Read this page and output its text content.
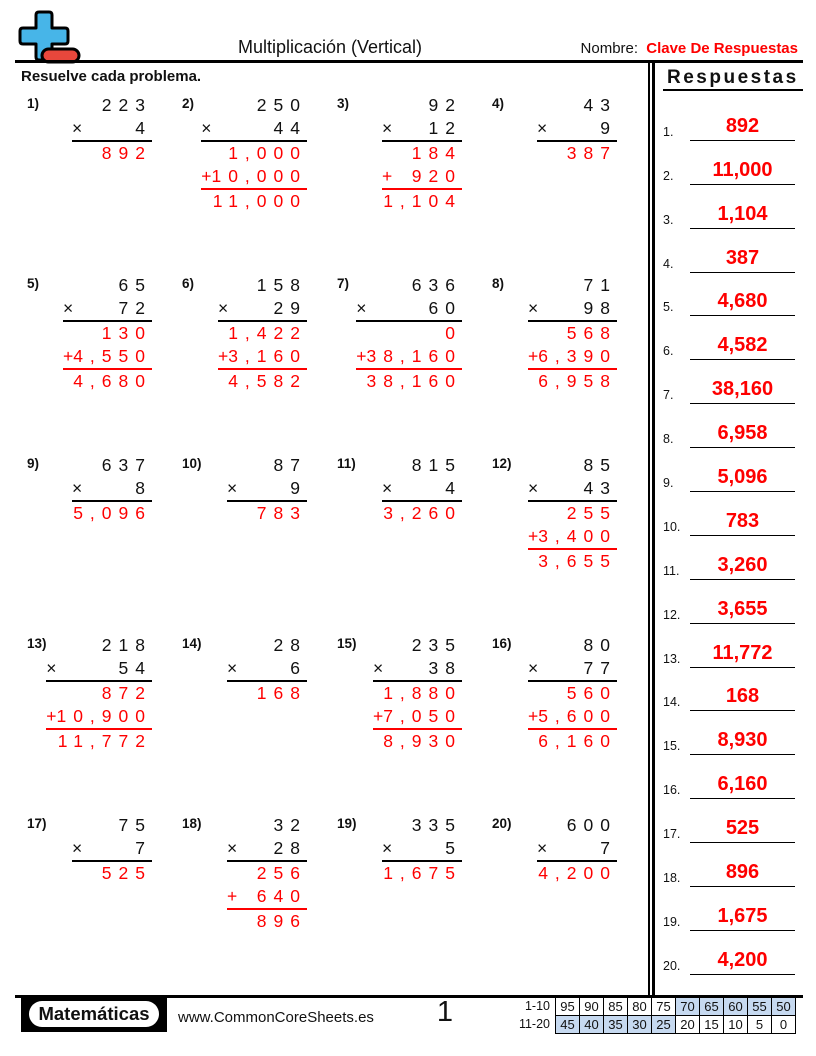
Multiplicación (Vertical)	Nombre: Clave De Respuestas
Resuelve cada problema.
1)	223
×	4
892
2)	250
×	44
1,000
+ 10,000
11,000
3)	92
× 12
184
+ 920
1,104
4)	43
×	9
387
5)	65
×	72
130
+ 4,550
4,680
6)	158
×	29
1,422
+ 3,160
4,582
7)	636
×	60
0
+ 38,160
38,160
8)	71
×	98
568
+ 6,390
6,958
9)	637
×	8
5,096
10)	87
×	9
783
11)	815
×	4
3,260
12)	85
×	43
255
+ 3,400
3,655
13)	218
×	54
872
+ 10,900
11,772
14)	28
×	6
168
15)	235
×	38
1,880
+ 7,050
8,930
16)	80
×	77
560
+ 5,600
6,160
17)	75
×	7
525
18)	32
× 28
256
+ 640
896
19)	335
×	5
1,675
20)	600
×	7
4,200
Respuestas
1.	892
2.	11,000
3.	1,104
4.	387
5.	4,680
6.	4,582
7.	38,160
8.	6,958
9.	5,096
10.	783
11.	3,260
12.	3,655
13.	11,772
14.	168
15.	8,930
16.	6,160
17.	525
18.	896
19.	1,675
20.	4,200
Matemáticas	www.CommonCoreSheets.es	1	1-10	95	90	85	80	75	70	65	60	55	50
11-20	45	40	35	30	25	20	15	10	5	0
